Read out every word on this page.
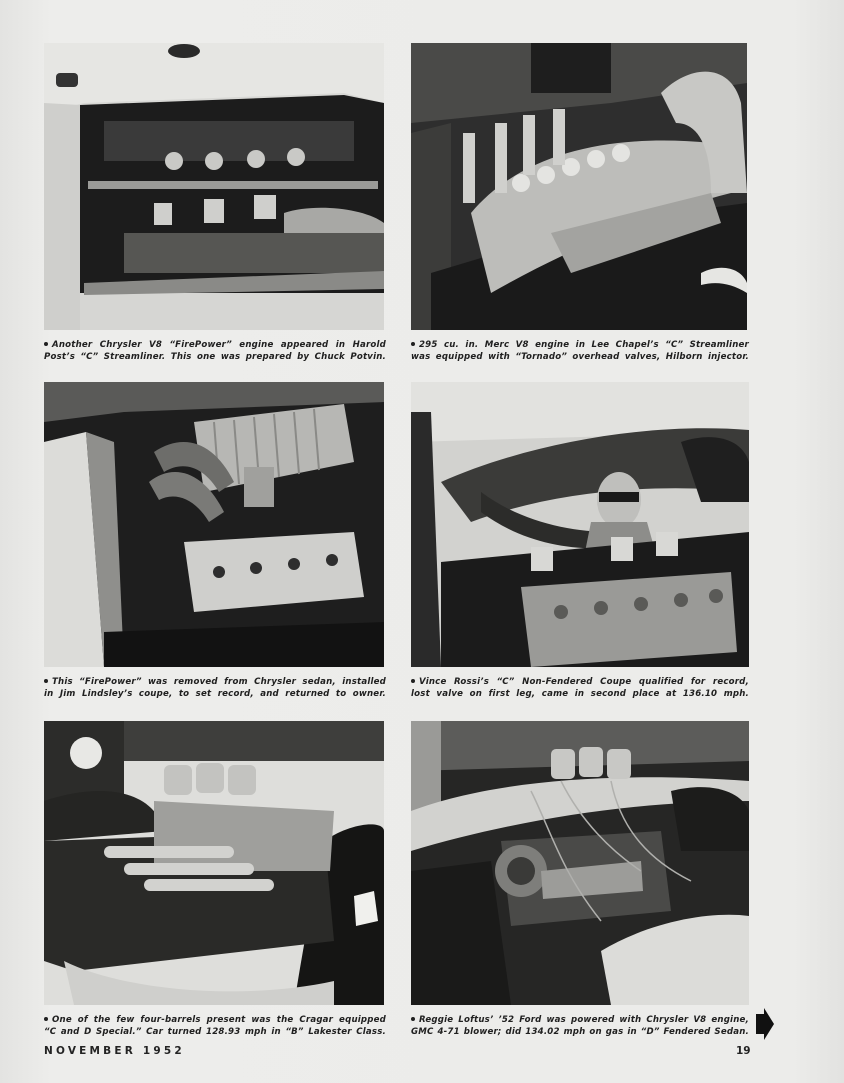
Another Chrysler V8 “FirePower” engine appeared in Harold
Post’s “C” Streamliner. This one was prepared by Chuck Potvin.
295 cu. in. Merc V8 engine in Lee Chapel’s “C” Streamliner
was equipped with “Tornado” overhead valves, Hilborn injector.
This “FirePower” was removed from Chrysler sedan, installed
in Jim Lindsley’s coupe, to set record, and returned to owner.
Vince Rossi’s “C” Non-Fendered Coupe qualified for record,
lost valve on first leg, came in second place at 136.10 mph.
One of the few four-barrels present was the Cragar equipped
“C and D Special.” Car turned 128.93 mph in “B” Lakester Class.
Reggie Loftus’ ’52 Ford was powered with Chrysler V8 engine,
GMC 4-71 blower; did 134.02 mph on gas in “D” Fendered Sedan.
NOVEMBER 1952	19
